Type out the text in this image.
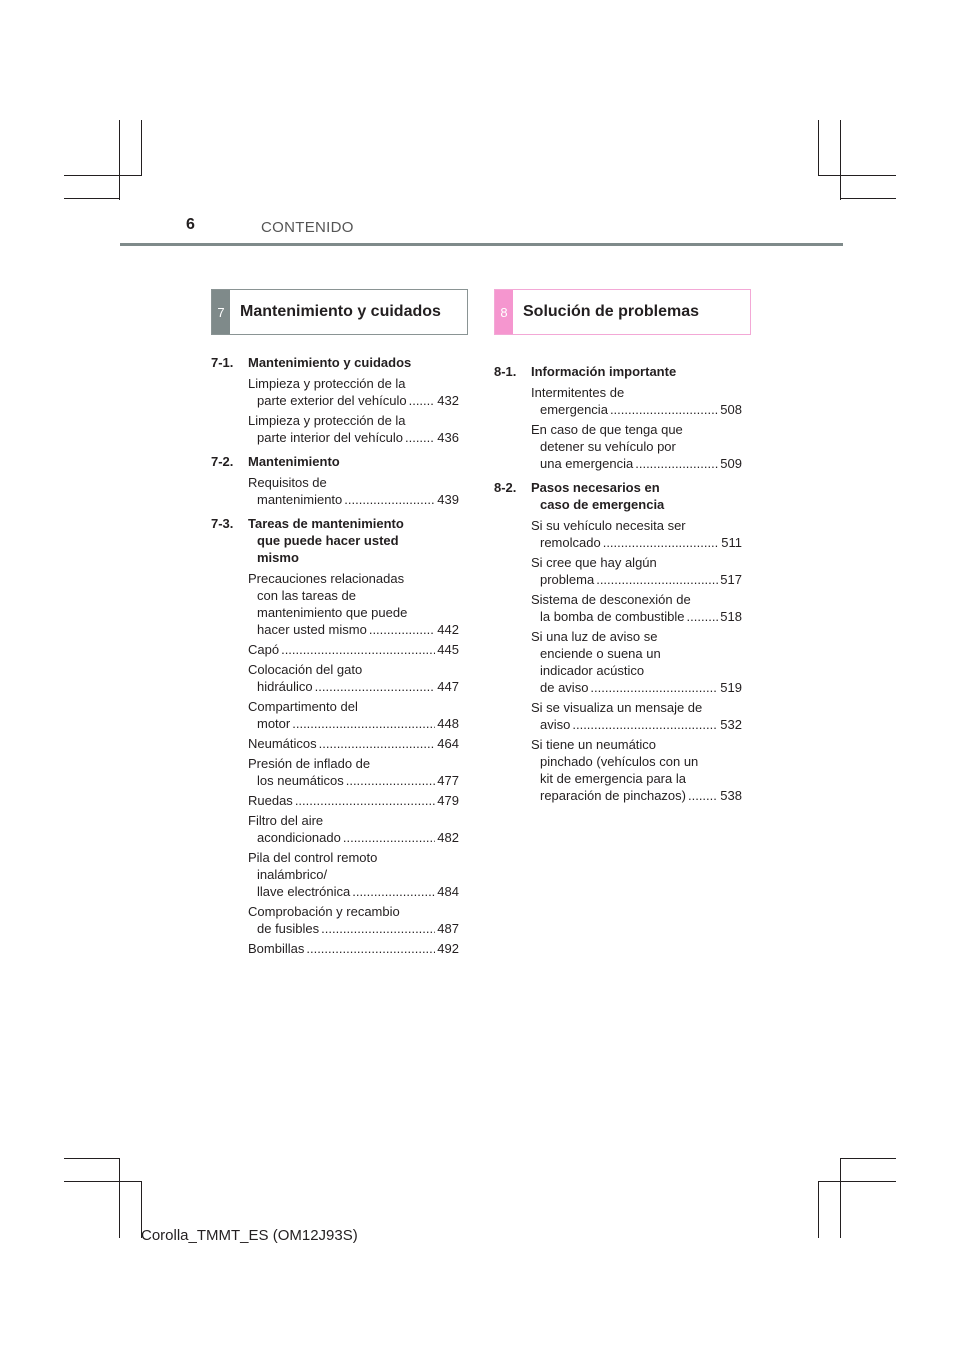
6	CONTENIDO
7 Mantenimiento y cuidados	8 Solución de problemas
7-1.	Mantenimiento y cuidados
Limpieza y protección de la
parte exterior del vehículo ..... 432
Limpieza y protección de la
parte interior del vehículo .....	436
7-2.	Mantenimiento
Requisitos de
mantenimiento .....	439
7-3.	Tareas de mantenimiento
que puede hacer usted
mismo
Precauciones relacionadas
con las tareas de
mantenimiento que puede
hacer usted mismo .....	442
Capó .....	445
Colocación del gato
hidráulico .....	447
Compartimento del
motor .....	448
Neumáticos .....	464
Presión de inflado de
los neumáticos .....	477
Ruedas .....	479
Filtro del aire
acondicionado .....	482
Pila del control remoto
inalámbrico/
llave electrónica .....	484
Comprobación y recambio
de fusibles .....	487
Bombillas .....	492
8-1.	Información importante
Intermitentes de
emergencia .....	508
En caso de que tenga que
detener su vehículo por
una emergencia .....	509
8-2.	Pasos necesarios en
caso de emergencia
Si su vehículo necesita ser
remolcado .....	511
Si cree que hay algún
problema .....	517
Sistema de desconexión de
la bomba de combustible .....	518
Si una luz de aviso se
enciende o suena un
indicador acústico
de aviso .....	519
Si se visualiza un mensaje de
aviso .....	532
Si tiene un neumático
pinchado (vehículos con un
kit de emergencia para la
reparación de pinchazos) .....	538
Corolla_TMMT_ES (OM12J93S)
